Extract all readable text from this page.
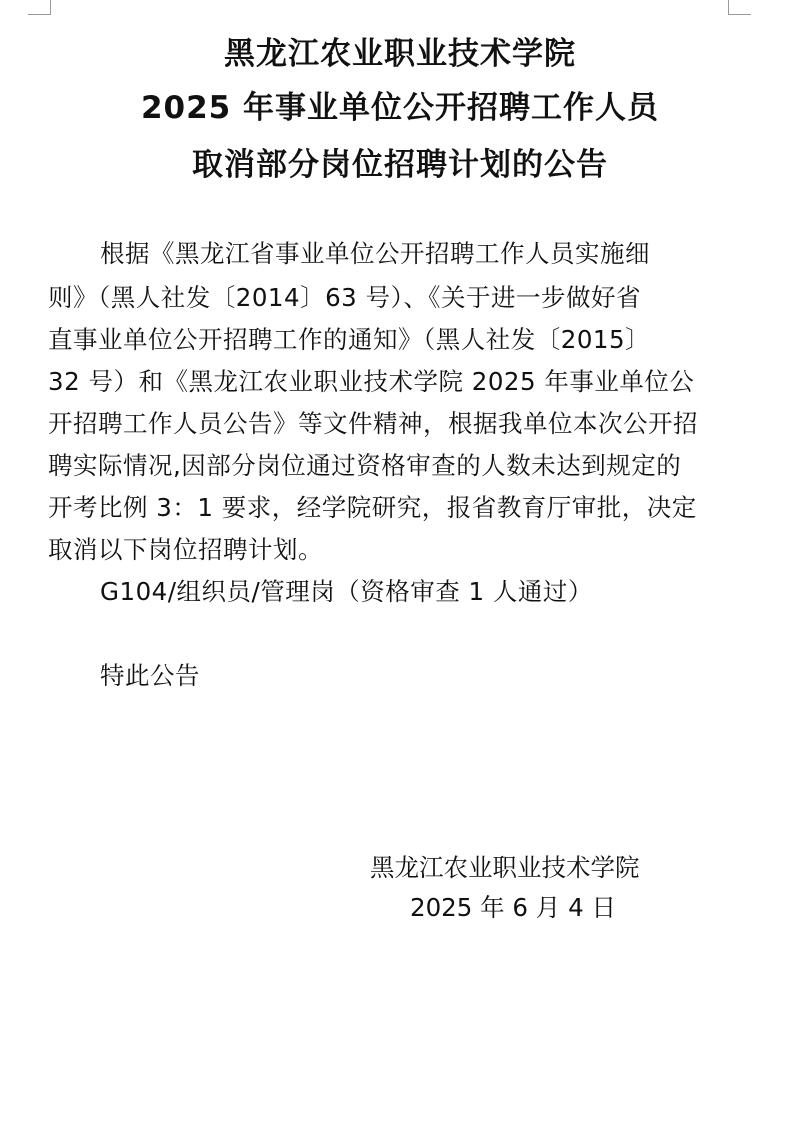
黑龙江农业职业技术学院
2025 年事业单位公开招聘工作人员
取消部分岗位招聘计划的公告
根据《黑龙江省事业单位公开招聘工作人员实施细
则》（黑人社发〔2014〕63 号）、《关于进一步做好省
直事业单位公开招聘工作的通知》（黑人社发〔2015〕
32 号）和《黑龙江农业职业技术学院 2025 年事业单位公
开招聘工作人员公告》等文件精神，根据我单位本次公开招
聘实际情况,因部分岗位通过资格审查的人数未达到规定的
开考比例 3：1 要求，经学院研究，报省教育厅审批，决定
取消以下岗位招聘计划。
G104/组织员/管理岗（资格审查 1 人通过）
特此公告
黑龙江农业职业技术学院
2025 年 6 月 4 日
